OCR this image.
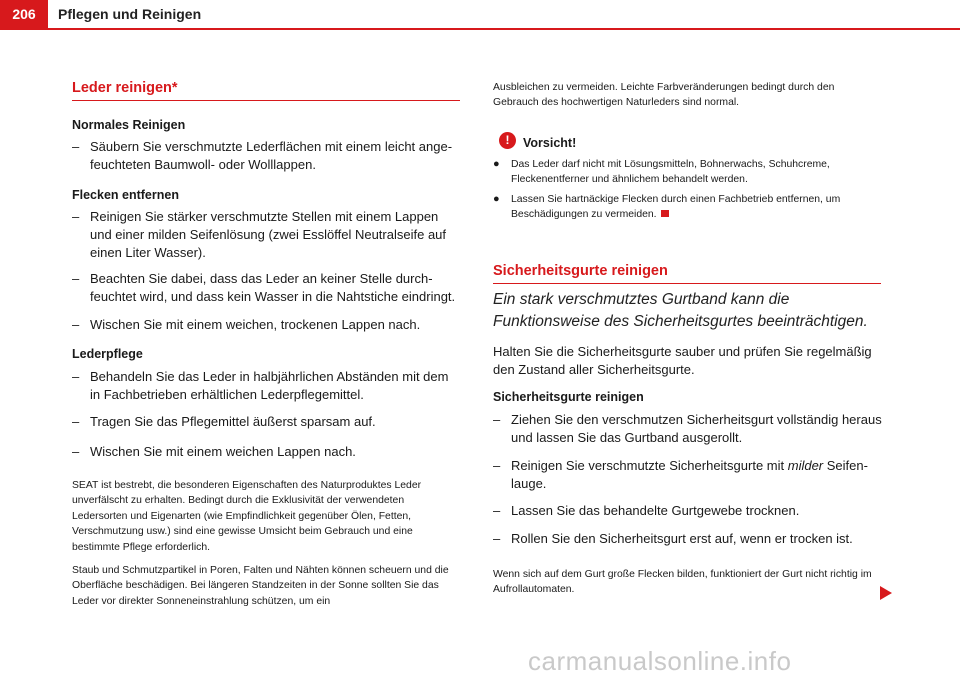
206	Pflegen und Reinigen
Leder reinigen*
Normales Reinigen
– Säubern Sie verschmutzte Lederflächen mit einem leicht ange-feuchteten Baumwoll- oder Wolllappen.
Flecken entfernen
– Reinigen Sie stärker verschmutzte Stellen mit einem Lappen und einer milden Seifenlösung (zwei Esslöffel Neutralseife auf einen Liter Wasser).
– Beachten Sie dabei, dass das Leder an keiner Stelle durch-feuchtet wird, und dass kein Wasser in die Nahtstiche eindringt.
– Wischen Sie mit einem weichen, trockenen Lappen nach.
Lederpflege
– Behandeln Sie das Leder in halbjährlichen Abständen mit dem in Fachbetrieben erhältlichen Lederpflegemittel.
– Tragen Sie das Pflegemittel äußerst sparsam auf.
– Wischen Sie mit einem weichen Lappen nach.
SEAT ist bestrebt, die besonderen Eigenschaften des Naturproduktes Leder unverfälscht zu erhalten. Bedingt durch die Exklusivität der verwendeten Ledersorten und Eigenarten (wie Empfindlichkeit gegenüber Ölen, Fetten, Verschmutzung usw.) sind eine gewisse Umsicht beim Gebrauch und eine bestimmte Pflege erforderlich.
Staub und Schmutzpartikel in Poren, Falten und Nähten können scheuern und die Oberfläche beschädigen. Bei längeren Standzeiten in der Sonne sollten Sie das Leder vor direkter Sonneneinstrahlung schützen, um ein
Ausbleichen zu vermeiden. Leichte Farbveränderungen bedingt durch den Gebrauch des hochwertigen Naturleders sind normal.
!	Vorsicht!
● Das Leder darf nicht mit Lösungsmitteln, Bohnerwachs, Schuhcreme, Fleckenentferner und ähnlichem behandelt werden.
● Lassen Sie hartnäckige Flecken durch einen Fachbetrieb entfernen, um Beschädigungen zu vermeiden.
Sicherheitsgurte reinigen
Ein stark verschmutztes Gurtband kann die Funktionsweise des Sicherheitsgurtes beeinträchtigen.
Halten Sie die Sicherheitsgurte sauber und prüfen Sie regelmäßig den Zustand aller Sicherheitsgurte.
Sicherheitsgurte reinigen
– Ziehen Sie den verschmutzen Sicherheitsgurt vollständig heraus und lassen Sie das Gurtband ausgerollt.
– Reinigen Sie verschmutzte Sicherheitsgurte mit milder Seifen-lauge.
– Lassen Sie das behandelte Gurtgewebe trocknen.
– Rollen Sie den Sicherheitsgurt erst auf, wenn er trocken ist.
Wenn sich auf dem Gurt große Flecken bilden, funktioniert der Gurt nicht richtig im Aufrollautomaten.
carmanualsonline.info
